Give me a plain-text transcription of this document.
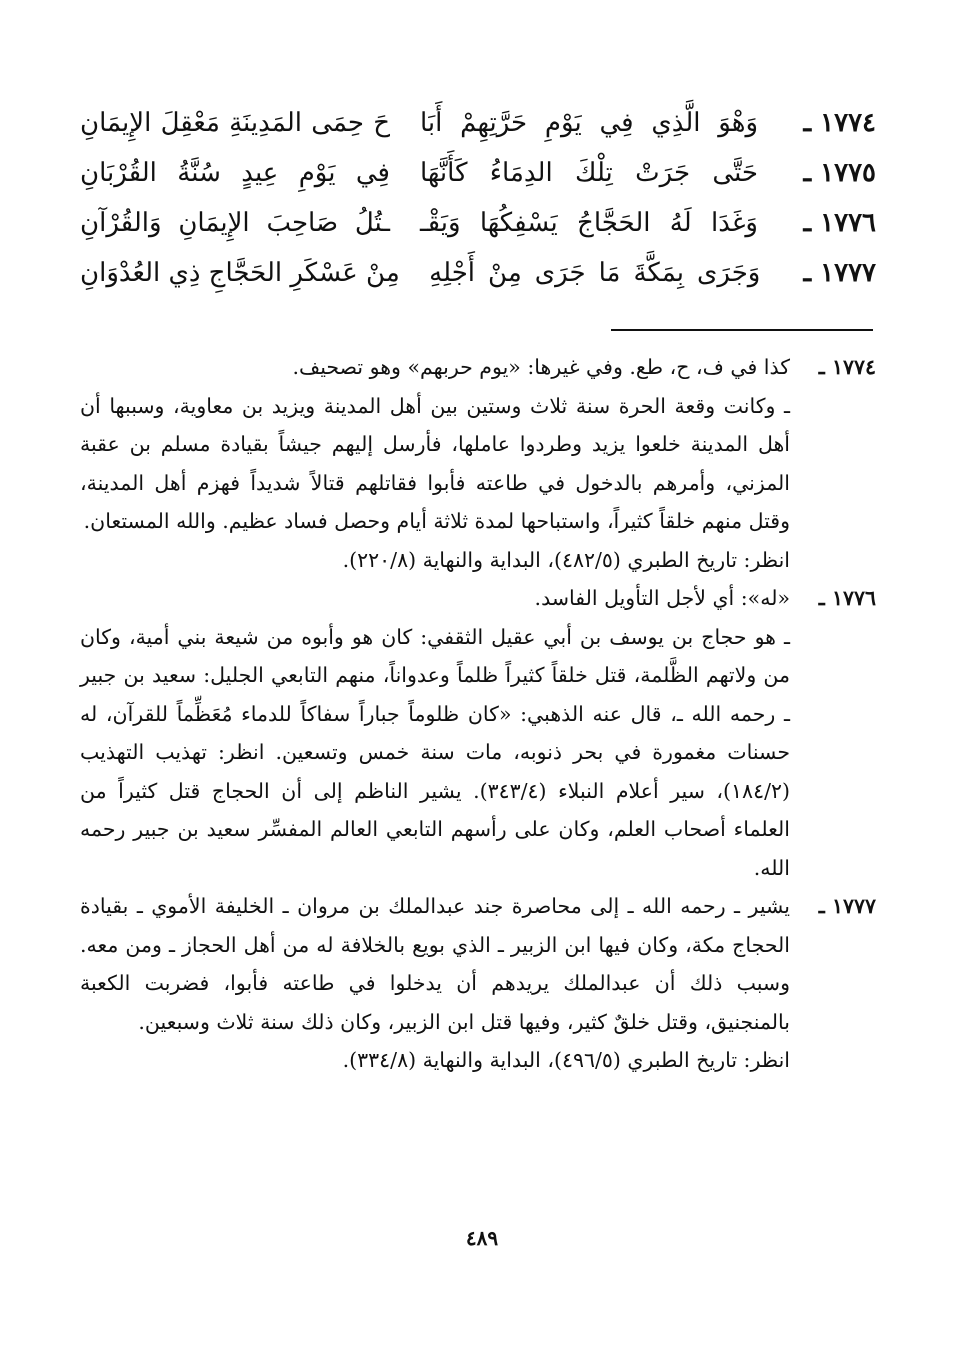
١٧٧٤ ـ
وَهْوَ الَّذِي فِي يَوْمِ حَرَّتِهِمْ أَبَا
حَ حِمَى المَدِينَةِ مَعْقِلَ الإِيمَانِ
١٧٧٥ ـ
حَتَّى جَرَتْ تِلْكَ الدِمَاءُ كَأَنَّهَا
فِي يَوْمِ عِيدٍ سُنَّةُ القُرْبَانِ
١٧٧٦ ـ
وَغَدَا لَهُ الحَجَّاجُ يَسْفِكُهَا وَيَقْـ
ـتُلُ صَاحِبَ الإِيمَانِ وَالقُرْآنِ
١٧٧٧ ـ
وَجَرَى بِمَكَّةَ مَا جَرَى مِنْ أَجْلِهِ
مِنْ عَسْكَرِ الحَجَّاجِ ذِي العُدْوَانِ
١٧٧٤ ـ

كذا في ف، ح، طع. وفي غيرها: «يوم حربهم» وهو تصحيف.

ـ وكانت وقعة الحرة سنة ثلاث وستين بين أهل المدينة ويزيد بن معاوية، وسببها أن أهل المدينة خلعوا يزيد وطردوا عاملها، فأرسل إليهم جيشاً بقيادة مسلم بن عقبة المزني، وأمرهم بالدخول في طاعته فأبوا فقاتلهم قتالاً شديداً فهزم أهل المدينة، وقتل منهم خلقاً كثيراً، واستباحها لمدة ثلاثة أيام وحصل فساد عظيم. والله المستعان.

انظر: تاريخ الطبري (٤٨٢/٥)، البداية والنهاية (٢٢٠/٨).

١٧٧٦ ـ

«له»: أي لأجل التأويل الفاسد.

ـ هو حجاج بن يوسف بن أبي عقيل الثقفي: كان هو وأبوه من شيعة بني أمية، وكان من ولاتهم الظَّلمة، قتل خلقاً كثيراً ظلماً وعدواناً، منهم التابعي الجليل: سعيد بن جبير ـ رحمه الله ـ، قال عنه الذهبي: «كان ظلوماً جباراً سفاكاً للدماء مُعَظِّماً للقرآن، له حسنات مغمورة في بحر ذنوبه، مات سنة خمس وتسعين. انظر: تهذيب التهذيب (١٨٤/٢)، سير أعلام النبلاء (٣٤٣/٤). يشير الناظم إلى أن الحجاج قتل كثيراً من العلماء أصحاب العلم، وكان على رأسهم التابعي العالم المفسِّر سعيد بن جبير رحمه الله.

١٧٧٧ ـ

يشير ـ رحمه الله ـ إلى محاصرة جند عبدالملك بن مروان ـ الخليفة الأموي ـ بقيادة الحجاج مكة، وكان فيها ابن الزبير ـ الذي بويع بالخلافة له من أهل الحجاز ـ ومن معه. وسبب ذلك أن عبدالملك يريدهم أن يدخلوا في طاعته فأبوا، فضربت الكعبة بالمنجنيق، وقتل خلقٌ كثير، وفيها قتل ابن الزبير، وكان ذلك سنة ثلاث وسبعين.

انظر: تاريخ الطبري (٤٩٦/٥)، البداية والنهاية (٣٣٤/٨).

٤٨٩
